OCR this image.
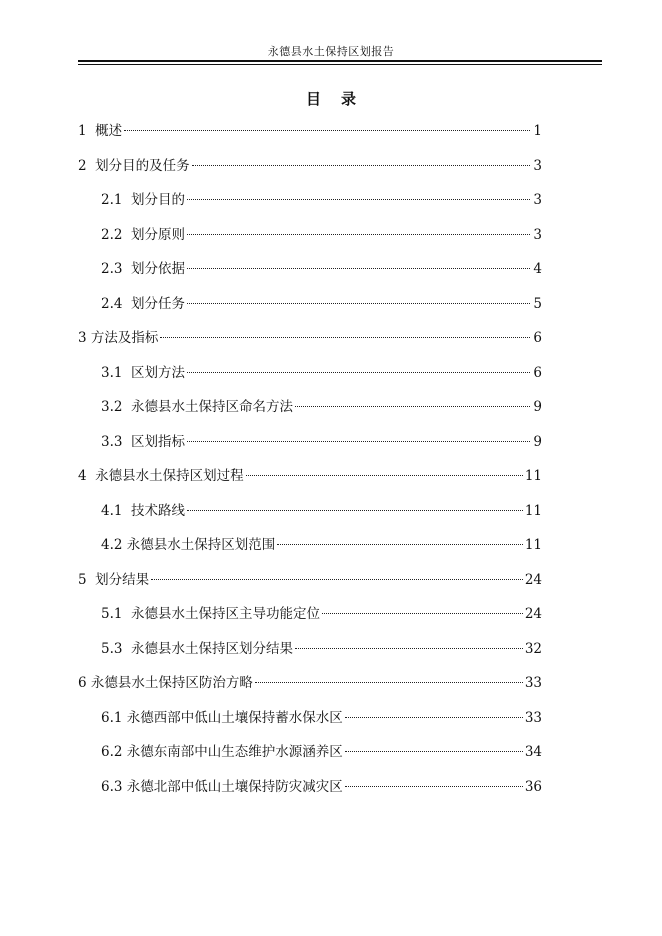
永德县水土保持区划报告
目 录
1  概述	1
2  划分目的及任务	3
2.1  划分目的	3
2.2  划分原则	3
2.3  划分依据	4
2.4  划分任务	5
3 方法及指标	6
3.1  区划方法	6
3.2  永德县水土保持区命名方法	9
3.3  区划指标	9
4  永德县水土保持区划过程	11
4.1  技术路线	11
4.2 永德县水土保持区划范围	11
5  划分结果	24
5.1  永德县水土保持区主导功能定位	24
5.3  永德县水土保持区划分结果	32
6 永德县水土保持区防治方略	33
6.1 永德西部中低山土壤保持蓄水保水区	33
6.2 永德东南部中山生态维护水源涵养区	34
6.3 永德北部中低山土壤保持防灾减灾区	36
